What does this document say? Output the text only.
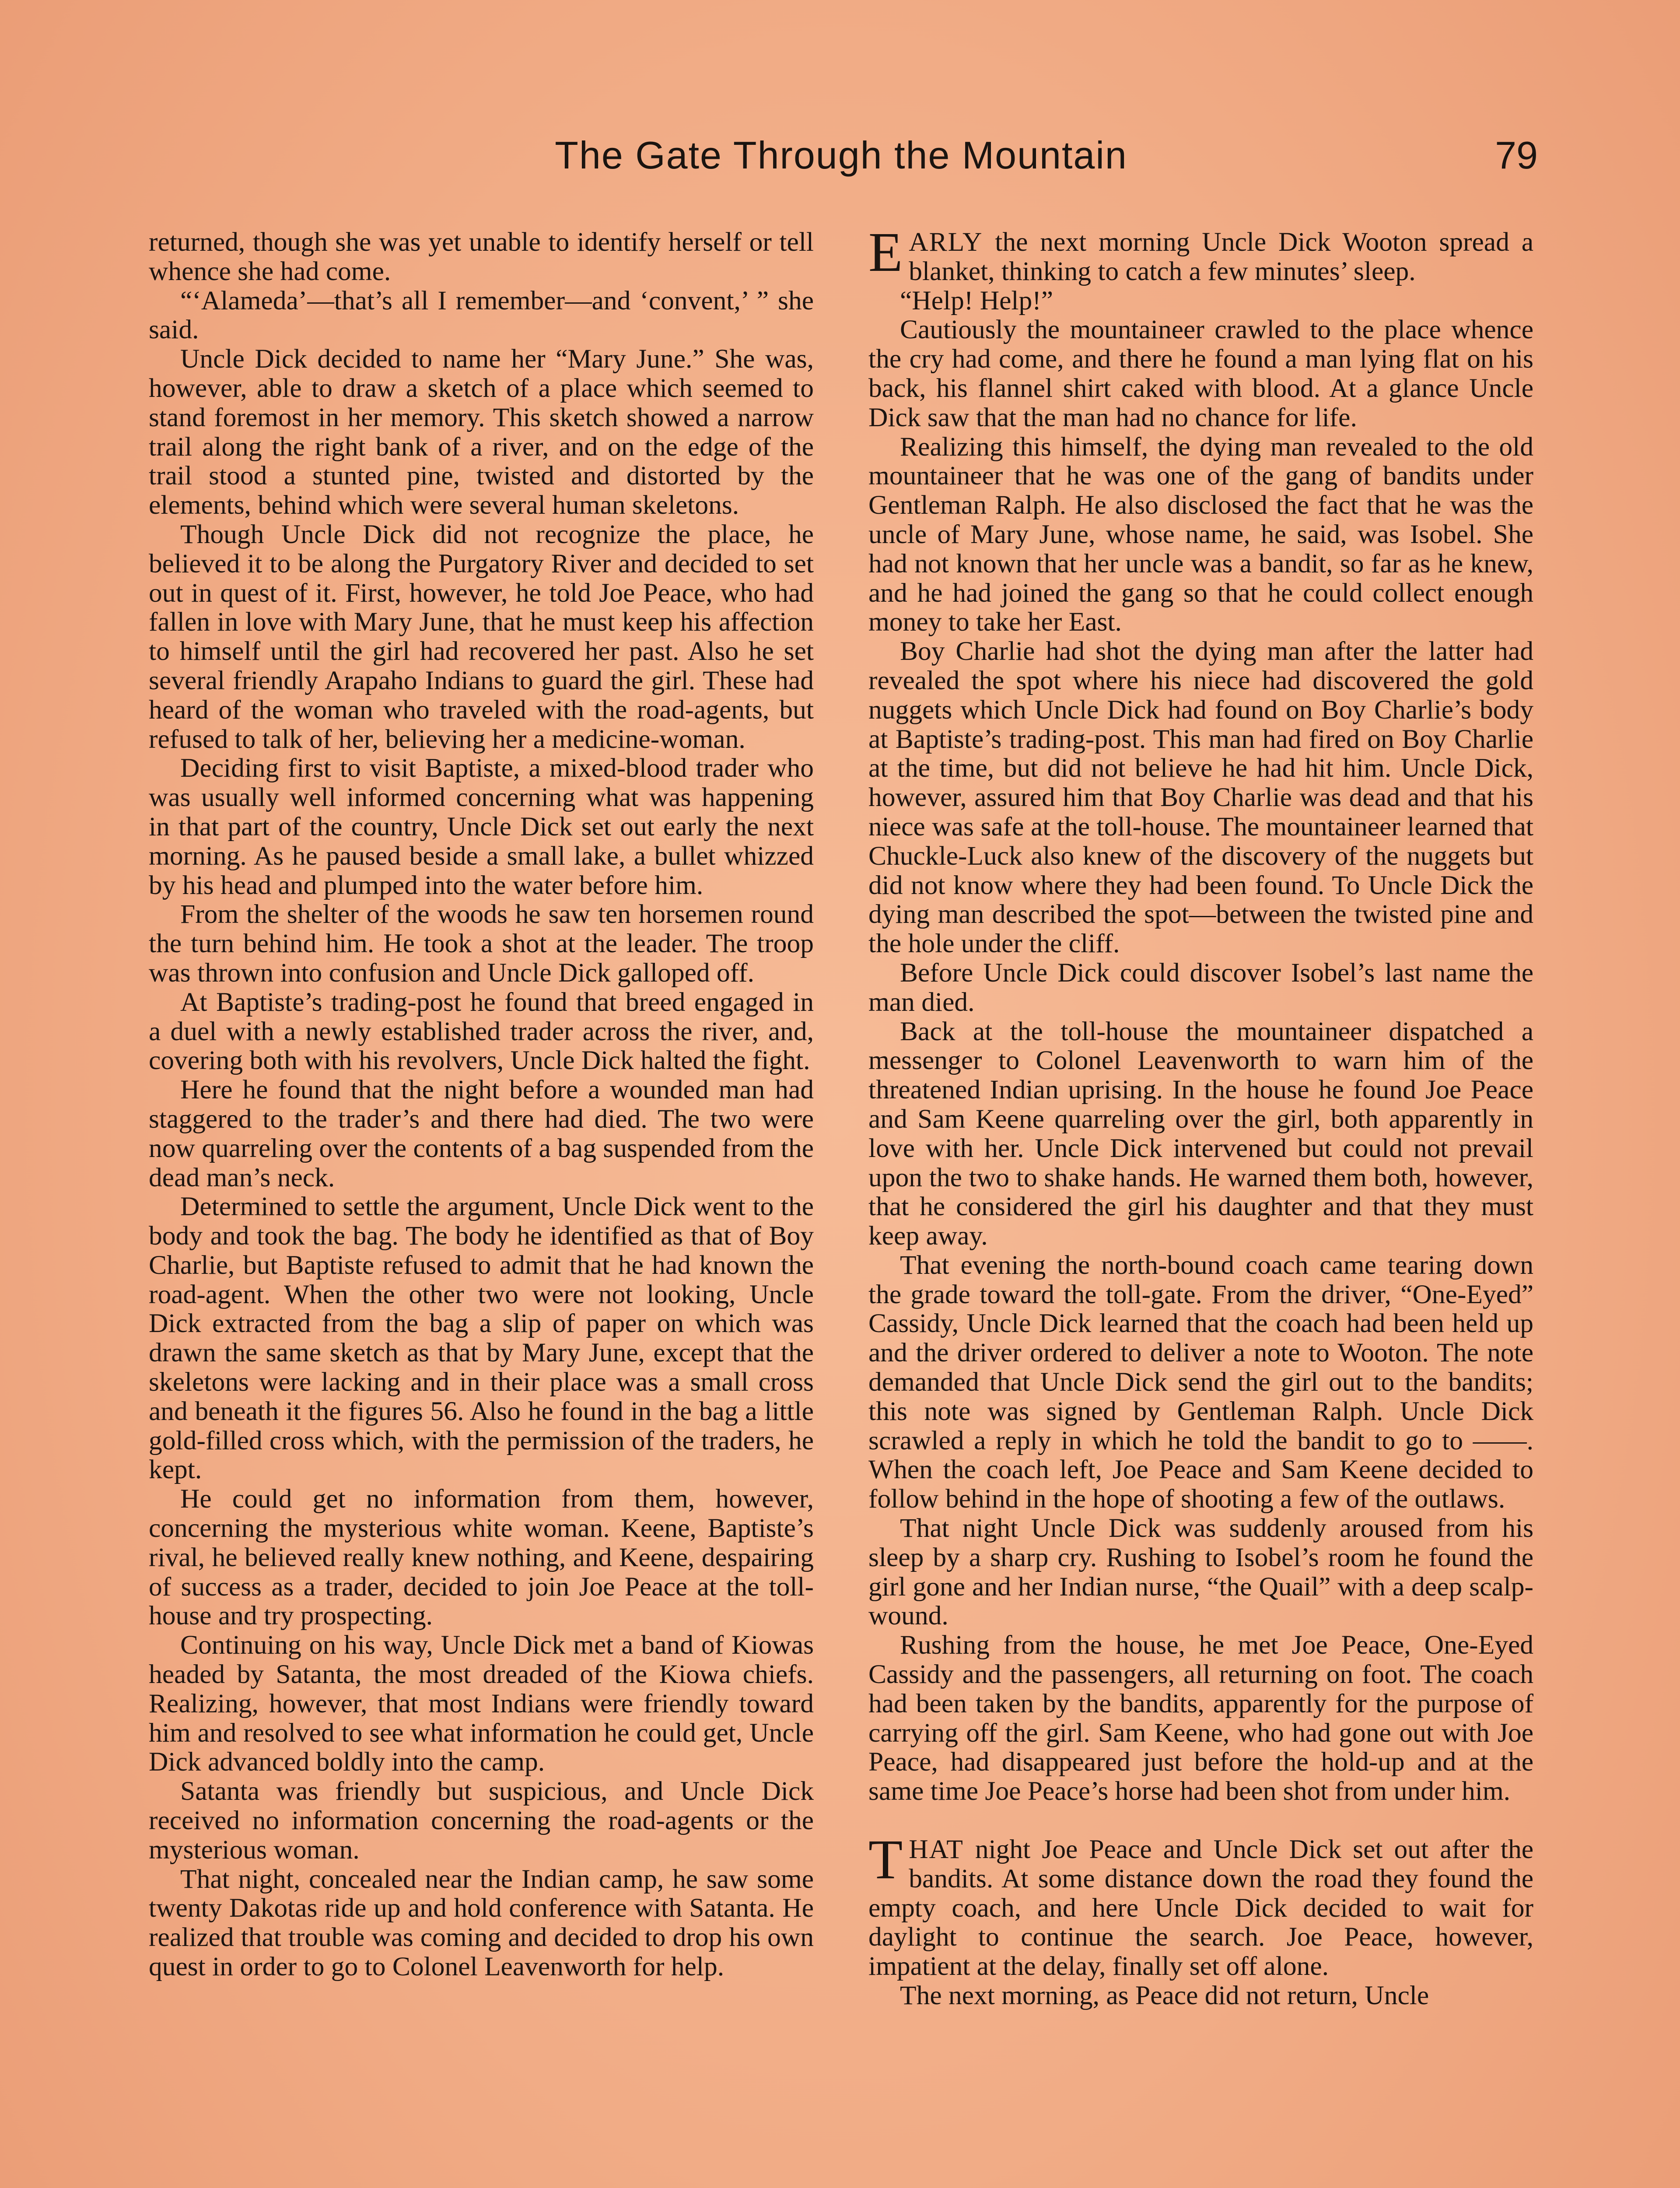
The Gate Through the Mountain	79

returned, though she was yet unable to identify herself or tell whence she had come.

“‘Alameda’—that’s all I remember—and ‘convent,’ ” she said.

Uncle Dick decided to name her “Mary June.” She was, however, able to draw a sketch of a place which seemed to stand foremost in her memory. This sketch showed a narrow trail along the right bank of a river, and on the edge of the trail stood a stunted pine, twisted and distorted by the elements, behind which were several human skeletons.

Though Uncle Dick did not recognize the place, he believed it to be along the Purgatory River and decided to set out in quest of it. First, however, he told Joe Peace, who had fallen in love with Mary June, that he must keep his affection to himself until the girl had recovered her past. Also he set several friendly Arapaho Indians to guard the girl. These had heard of the woman who traveled with the road-agents, but refused to talk of her, believing her a medicine-woman.

Deciding first to visit Baptiste, a mixed-blood trader who was usually well informed concerning what was happening in that part of the country, Uncle Dick set out early the next morning. As he paused beside a small lake, a bullet whizzed by his head and plumped into the water before him.

From the shelter of the woods he saw ten horsemen round the turn behind him. He took a shot at the leader. The troop was thrown into confusion and Uncle Dick galloped off.

At Baptiste’s trading-post he found that breed engaged in a duel with a newly established trader across the river, and, covering both with his revolvers, Uncle Dick halted the fight.

Here he found that the night before a wounded man had staggered to the trader’s and there had died. The two were now quarreling over the contents of a bag suspended from the dead man’s neck.

Determined to settle the argument, Uncle Dick went to the body and took the bag. The body he identified as that of Boy Charlie, but Baptiste refused to admit that he had known the road-agent. When the other two were not looking, Uncle Dick extracted from the bag a slip of paper on which was drawn the same sketch as that by Mary June, except that the skeletons were lacking and in their place was a small cross and beneath it the figures 56. Also he found in the bag a little gold-filled cross which, with the permission of the traders, he kept.

He could get no information from them, however, concerning the mysterious white woman. Keene, Baptiste’s rival, he believed really knew nothing, and Keene, despairing of success as a trader, decided to join Joe Peace at the toll-house and try prospecting.

Continuing on his way, Uncle Dick met a band of Kiowas headed by Satanta, the most dreaded of the Kiowa chiefs. Realizing, however, that most Indians were friendly toward him and resolved to see what information he could get, Uncle Dick advanced boldly into the camp.

Satanta was friendly but suspicious, and Uncle Dick received no information concerning the road-agents or the mysterious woman.

That night, concealed near the Indian camp, he saw some twenty Dakotas ride up and hold conference with Satanta. He realized that trouble was coming and decided to drop his own quest in order to go to Colonel Leavenworth for help.

EARLY the next morning Uncle Dick Wooton spread a blanket, thinking to catch a few minutes’ sleep.

“Help! Help!”

Cautiously the mountaineer crawled to the place whence the cry had come, and there he found a man lying flat on his back, his flannel shirt caked with blood. At a glance Uncle Dick saw that the man had no chance for life.

Realizing this himself, the dying man revealed to the old mountaineer that he was one of the gang of bandits under Gentleman Ralph. He also disclosed the fact that he was the uncle of Mary June, whose name, he said, was Isobel. She had not known that her uncle was a bandit, so far as he knew, and he had joined the gang so that he could collect enough money to take her East.

Boy Charlie had shot the dying man after the latter had revealed the spot where his niece had discovered the gold nuggets which Uncle Dick had found on Boy Charlie’s body at Baptiste’s trading-post. This man had fired on Boy Charlie at the time, but did not believe he had hit him. Uncle Dick, however, assured him that Boy Charlie was dead and that his niece was safe at the toll-house. The mountaineer learned that Chuckle-Luck also knew of the discovery of the nuggets but did not know where they had been found. To Uncle Dick the dying man described the spot—between the twisted pine and the hole under the cliff.

Before Uncle Dick could discover Isobel’s last name the man died.

Back at the toll-house the mountaineer dispatched a messenger to Colonel Leavenworth to warn him of the threatened Indian uprising. In the house he found Joe Peace and Sam Keene quarreling over the girl, both apparently in love with her. Uncle Dick intervened but could not prevail upon the two to shake hands. He warned them both, however, that he considered the girl his daughter and that they must keep away.

That evening the north-bound coach came tearing down the grade toward the toll-gate. From the driver, “One-Eyed” Cassidy, Uncle Dick learned that the coach had been held up and the driver ordered to deliver a note to Wooton. The note demanded that Uncle Dick send the girl out to the bandits; this note was signed by Gentleman Ralph. Uncle Dick scrawled a reply in which he told the bandit to go to ——. When the coach left, Joe Peace and Sam Keene decided to follow behind in the hope of shooting a few of the outlaws.

That night Uncle Dick was suddenly aroused from his sleep by a sharp cry. Rushing to Isobel’s room he found the girl gone and her Indian nurse, “the Quail” with a deep scalp-wound.

Rushing from the house, he met Joe Peace, One-Eyed Cassidy and the passengers, all returning on foot. The coach had been taken by the bandits, apparently for the purpose of carrying off the girl. Sam Keene, who had gone out with Joe Peace, had disappeared just before the hold-up and at the same time Joe Peace’s horse had been shot from under him.

THAT night Joe Peace and Uncle Dick set out after the bandits. At some distance down the road they found the empty coach, and here Uncle Dick decided to wait for daylight to continue the search. Joe Peace, however, impatient at the delay, finally set off alone.

The next morning, as Peace did not return, Uncle
